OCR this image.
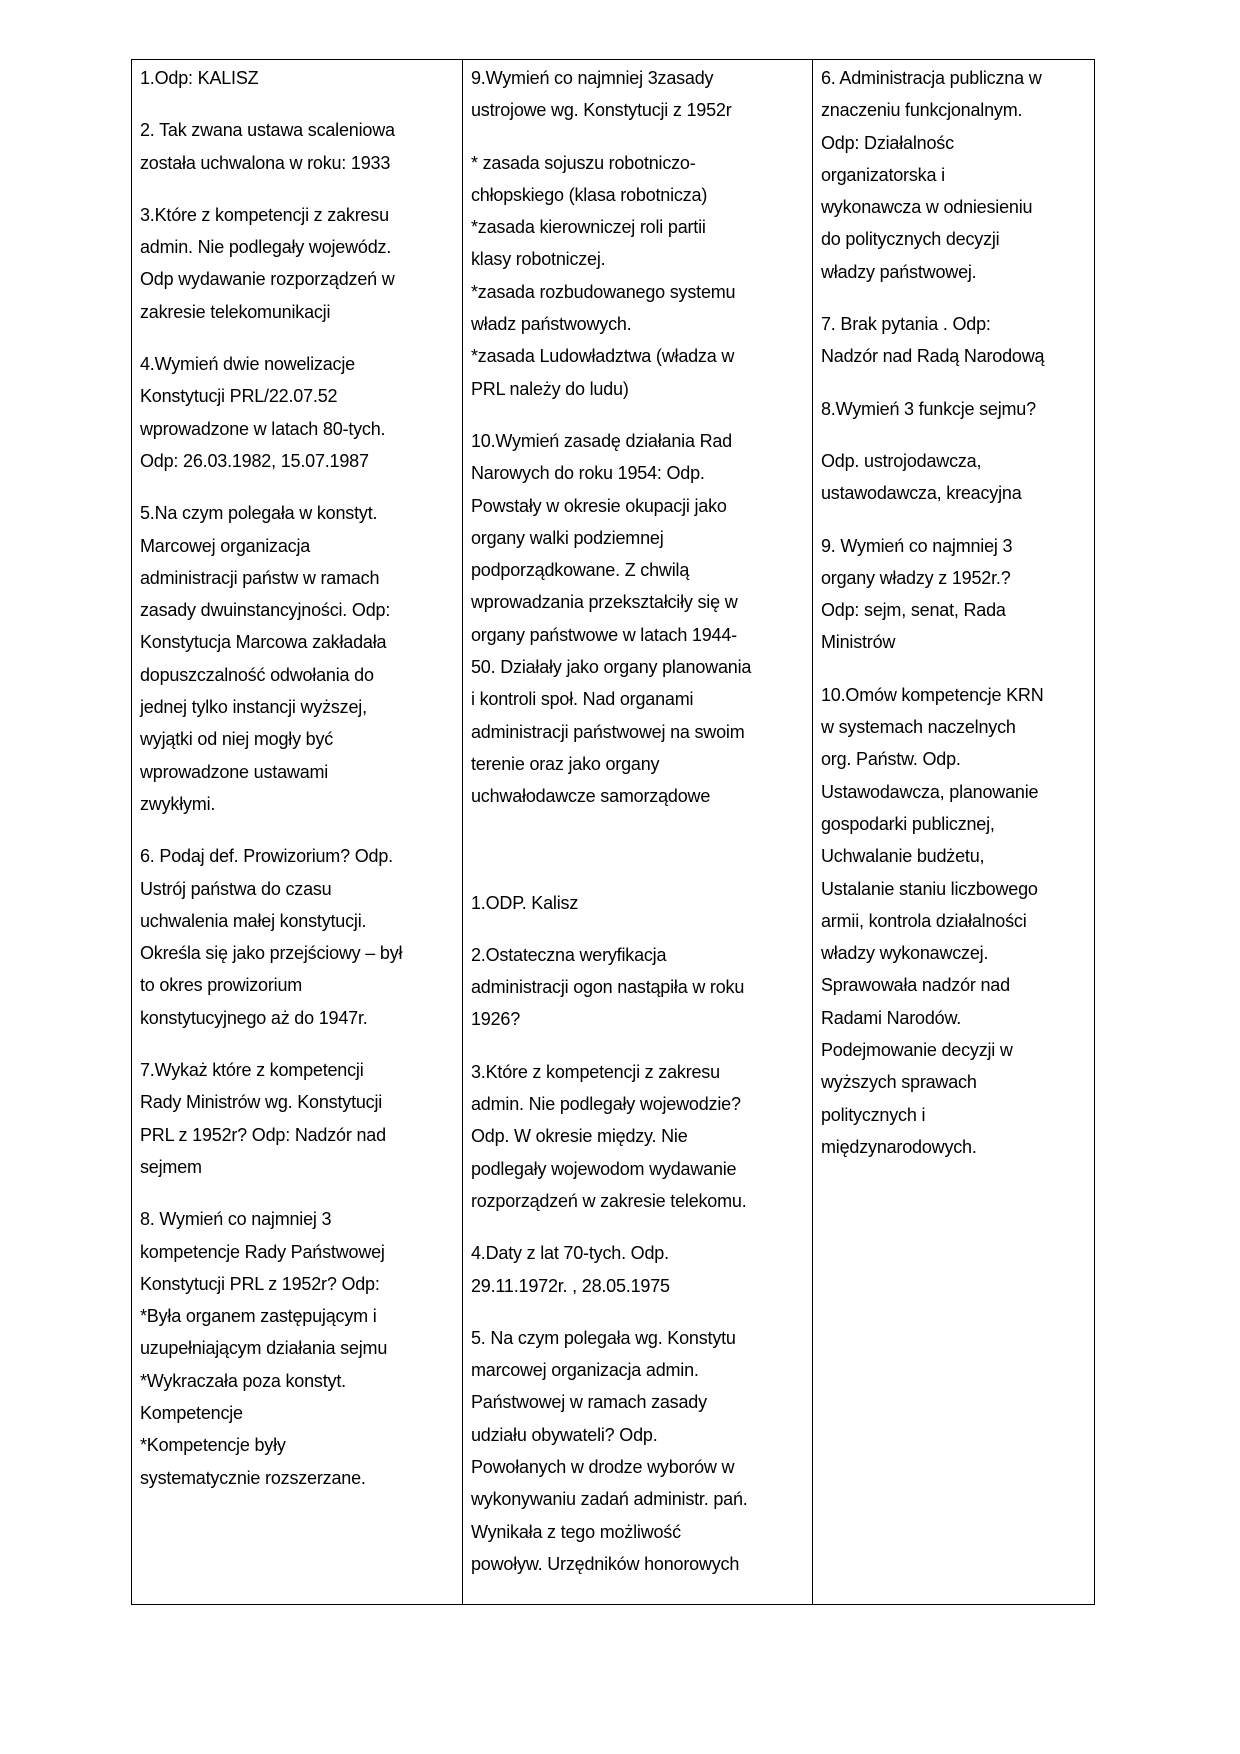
1.Odp: KALISZ
2. Tak zwana ustawa scaleniowa
została uchwalona w roku: 1933
3.Które z kompetencji z zakresu
admin. Nie podlegały wojewódz.
Odp wydawanie rozporządzeń w
zakresie telekomunikacji
4.Wymień dwie nowelizacje
Konstytucji PRL/22.07.52
wprowadzone w latach 80-tych.
Odp: 26.03.1982, 15.07.1987
5.Na czym polegała w konstyt.
Marcowej organizacja
administracji państw w ramach
zasady dwuinstancyjności. Odp:
Konstytucja Marcowa zakładała
dopuszczalność odwołania do
jednej tylko instancji wyższej,
wyjątki od niej mogły być
wprowadzone ustawami
zwykłymi.
6. Podaj def. Prowizorium? Odp.
Ustrój państwa do czasu
uchwalenia małej konstytucji.
Określa się jako przejściowy – był
to okres prowizorium
konstytucyjnego aż do 1947r.
7.Wykaż które z kompetencji
Rady Ministrów wg. Konstytucji
PRL z 1952r? Odp: Nadzór nad
sejmem
8. Wymień co najmniej 3
kompetencje Rady Państwowej
Konstytucji PRL z 1952r? Odp:
*Była organem zastępującym i
uzupełniającym działania sejmu
*Wykraczała poza konstyt.
Kompetencje
*Kompetencje były
systematycznie rozszerzane.
9.Wymień co najmniej 3zasady
ustrojowe wg. Konstytucji z 1952r
* zasada sojuszu robotniczo-
chłopskiego (klasa robotnicza)
*zasada kierowniczej roli partii
klasy robotniczej.
*zasada rozbudowanego systemu
władz państwowych.
*zasada Ludowładztwa (władza w
PRL należy do ludu)
10.Wymień zasadę działania Rad
Narowych do roku 1954: Odp.
Powstały w okresie okupacji jako
organy walki podziemnej
podporządkowane. Z chwilą
wprowadzania przekształciły się w
organy państwowe w latach 1944-
50. Działały jako organy planowania
i kontroli społ. Nad organami
administracji państwowej na swoim
terenie oraz jako organy
uchwałodawcze samorządowe
1.ODP. Kalisz
2.Ostateczna weryfikacja
administracji ogon nastąpiła w roku
1926?
3.Które z kompetencji z zakresu
admin. Nie podlegały wojewodzie?
Odp. W okresie między. Nie
podlegały wojewodom wydawanie
rozporządzeń w zakresie telekomu.
4.Daty z lat 70-tych. Odp.
29.11.1972r. , 28.05.1975
5. Na czym polegała wg. Konstytu
marcowej organizacja admin.
Państwowej w ramach zasady
udziału obywateli? Odp.
Powołanych w drodze wyborów w
wykonywaniu zadań administr. pań.
Wynikała z tego możliwość
powoływ. Urzędników honorowych
6. Administracja publiczna w
znaczeniu funkcjonalnym.
Odp: Działalnośc
organizatorska i
wykonawcza w odniesieniu
do politycznych decyzji
władzy państwowej.
7. Brak pytania . Odp:
Nadzór nad Radą Narodową
8.Wymień 3 funkcje sejmu?
Odp. ustrojodawcza,
ustawodawcza, kreacyjna
9. Wymień co najmniej 3
organy władzy z 1952r.?
Odp: sejm, senat, Rada
Ministrów
10.Omów kompetencje KRN
w systemach naczelnych
org. Państw. Odp.
Ustawodawcza, planowanie
gospodarki publicznej,
Uchwalanie budżetu,
Ustalanie staniu liczbowego
armii, kontrola działalności
władzy wykonawczej.
Sprawowała nadzór nad
Radami Narodów.
Podejmowanie decyzji w
wyższych sprawach
politycznych i
międzynarodowych.
